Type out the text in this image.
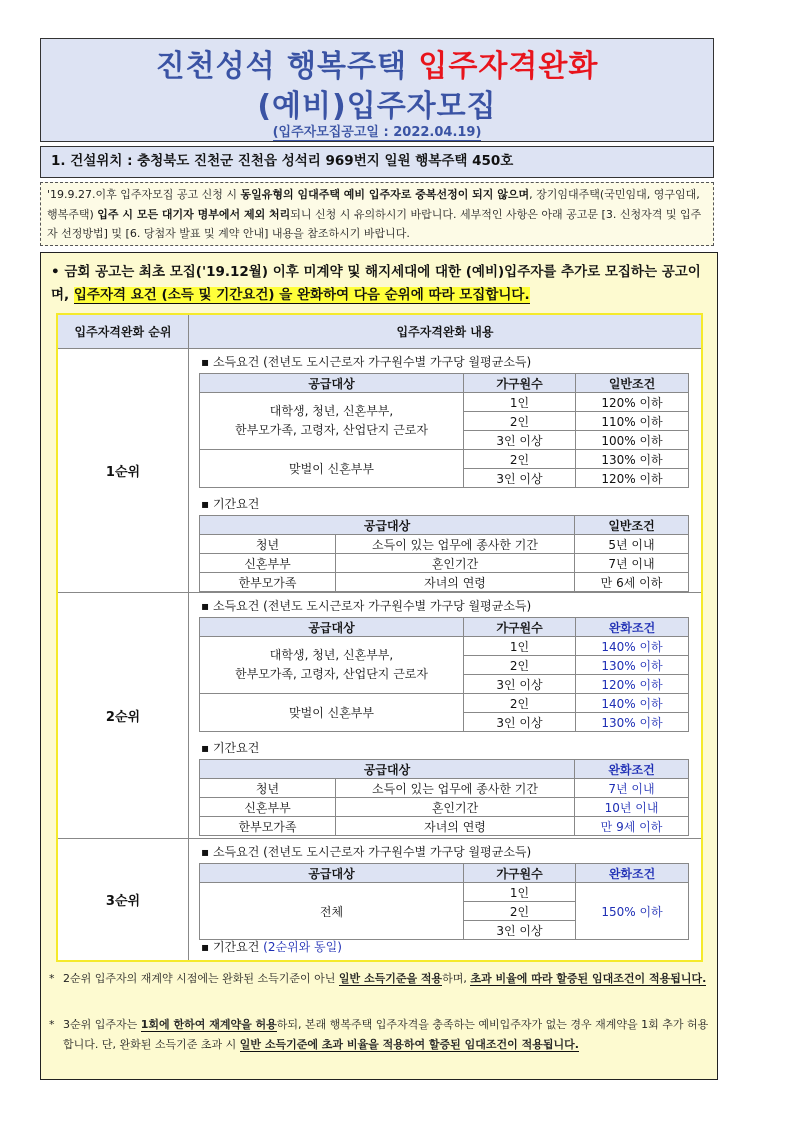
진천성석 행복주택 입주자격완화
(예비)입주자모집
(입주자모집공고일 : 2022.04.19)
1. 건설위치 : 충청북도 진천군 진천읍 성석리 969번지 일원 행복주택 450호
'19.9.27.이후 입주자모집 공고 신청 시 동일유형의 임대주택 예비 입주자로 중복선정이 되지 않으며, 장기임대주택(국민임대, 영구임대, 행복주택) 입주 시 모든 대기자 명부에서 제외 처리되니 신청 시 유의하시기 바랍니다. 세부적인 사항은 아래 공고문 [3. 신청자격 및 입주자 선정방법] 및 [6. 당첨자 발표 및 계약 안내] 내용을 참조하시기 바랍니다.
• 금회 공고는 최초 모집('19.12월) 이후 미계약 및 해지세대에 대한 (예비)입주자를 추가로 모집하는 공고이며, 입주자격 요건 (소득 및 기간요건) 을 완화하여 다음 순위에 따라 모집합니다.
입주자격완화 순위	입주자격완화 내용
1순위
▪ 소득요건 (전년도 도시근로자 가구원수별 가구당 월평균소득)
공급대상	가구원수	일반조건
대학생, 청년, 신혼부부,
한부모가족, 고령자, 산업단지 근로자	1인	120% 이하
	2인	110% 이하
	3인 이상	100% 이하
맞벌이 신혼부부	2인	130% 이하
	3인 이상	120% 이하
▪ 기간요건
공급대상		일반조건
청년	소득이 있는 업무에 종사한 기간	5년 이내
신혼부부	혼인기간	7년 이내
한부모가족	자녀의 연령	만 6세 이하
2순위
▪ 소득요건 (전년도 도시근로자 가구원수별 가구당 월평균소득)
공급대상	가구원수	완화조건
대학생, 청년, 신혼부부,
한부모가족, 고령자, 산업단지 근로자	1인	140% 이하
	2인	130% 이하
	3인 이상	120% 이하
맞벌이 신혼부부	2인	140% 이하
	3인 이상	130% 이하
▪ 기간요건
공급대상		완화조건
청년	소득이 있는 업무에 종사한 기간	7년 이내
신혼부부	혼인기간	10년 이내
한부모가족	자녀의 연령	만 9세 이하
3순위
▪ 소득요건 (전년도 도시근로자 가구원수별 가구당 월평균소득)
공급대상	가구원수	완화조건
전체	1인	150% 이하
	2인	
	3인 이상	
▪ 기간요건 (2순위와 동일)
* 2순위 입주자의 재계약 시점에는 완화된 소득기준이 아닌 일반 소득기준을 적용하며, 초과 비율에 따라 할증된 임대조건이 적용됩니다.
* 3순위 입주자는 1회에 한하여 재계약을 허용하되, 본래 행복주택 입주자격을 충족하는 예비입주자가 없는 경우 재계약을 1회 추가 허용합니다. 단, 완화된 소득기준 초과 시 일반 소득기준에 초과 비율을 적용하여 할증된 임대조건이 적용됩니다.
